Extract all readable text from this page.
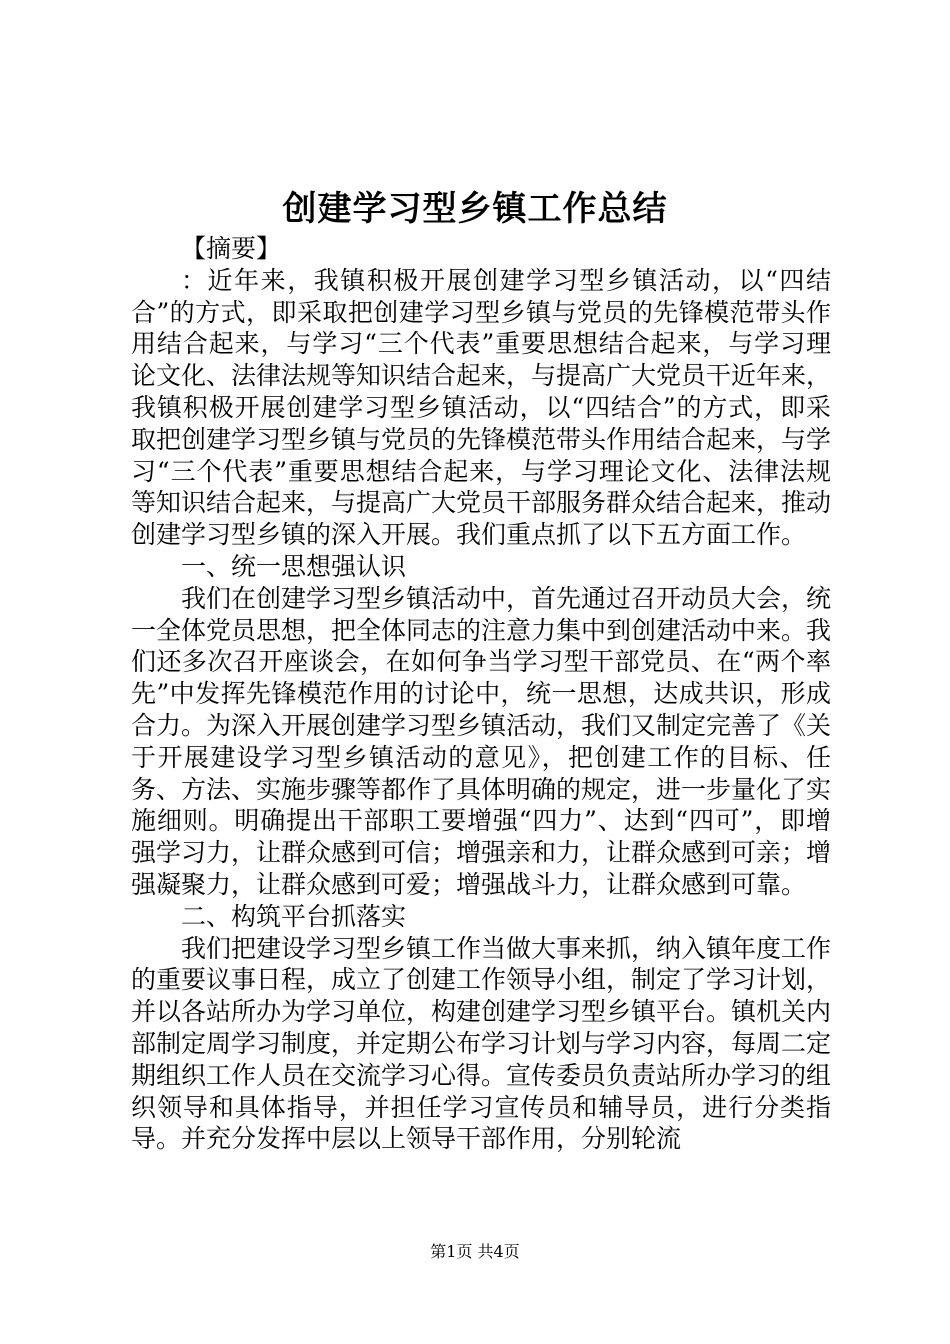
创建学习型乡镇工作总结

【摘要】

：近年来，我镇积极开展创建学习型乡镇活动，以“四结合”的方式，即采取把创建学习型乡镇与党员的先锋模范带头作用结合起来，与学习“三个代表”重要思想结合起来，与学习理论文化、法律法规等知识结合起来，与提高广大党员干近年来，我镇积极开展创建学习型乡镇活动，以“四结合”的方式，即采取把创建学习型乡镇与党员的先锋模范带头作用结合起来，与学习“三个代表”重要思想结合起来，与学习理论文化、法律法规等知识结合起来，与提高广大党员干部服务群众结合起来，推动创建学习型乡镇的深入开展。我们重点抓了以下五方面工作。

一、统一思想强认识

我们在创建学习型乡镇活动中，首先通过召开动员大会，统一全体党员思想，把全体同志的注意力集中到创建活动中来。我们还多次召开座谈会，在如何争当学习型干部党员、在“两个率先”中发挥先锋模范作用的讨论中，统一思想，达成共识，形成合力。为深入开展创建学习型乡镇活动，我们又制定完善了《关于开展建设学习型乡镇活动的意见》，把创建工作的目标、任务、方法、实施步骤等都作了具体明确的规定，进一步量化了实施细则。明确提出干部职工要增强“四力”、达到“四可”，即增强学习力，让群众感到可信；增强亲和力，让群众感到可亲；增强凝聚力，让群众感到可爱；增强战斗力，让群众感到可靠。

二、构筑平台抓落实

我们把建设学习型乡镇工作当做大事来抓，纳入镇年度工作的重要议事日程，成立了创建工作领导小组，制定了学习计划，并以各站所办为学习单位，构建创建学习型乡镇平台。镇机关内部制定周学习制度，并定期公布学习计划与学习内容，每周二定期组织工作人员在交流学习心得。宣传委员负责站所办学习的组织领导和具体指导，并担任学习宣传员和辅导员，进行分类指导。并充分发挥中层以上领导干部作用，分别轮流

第1页 共4页
